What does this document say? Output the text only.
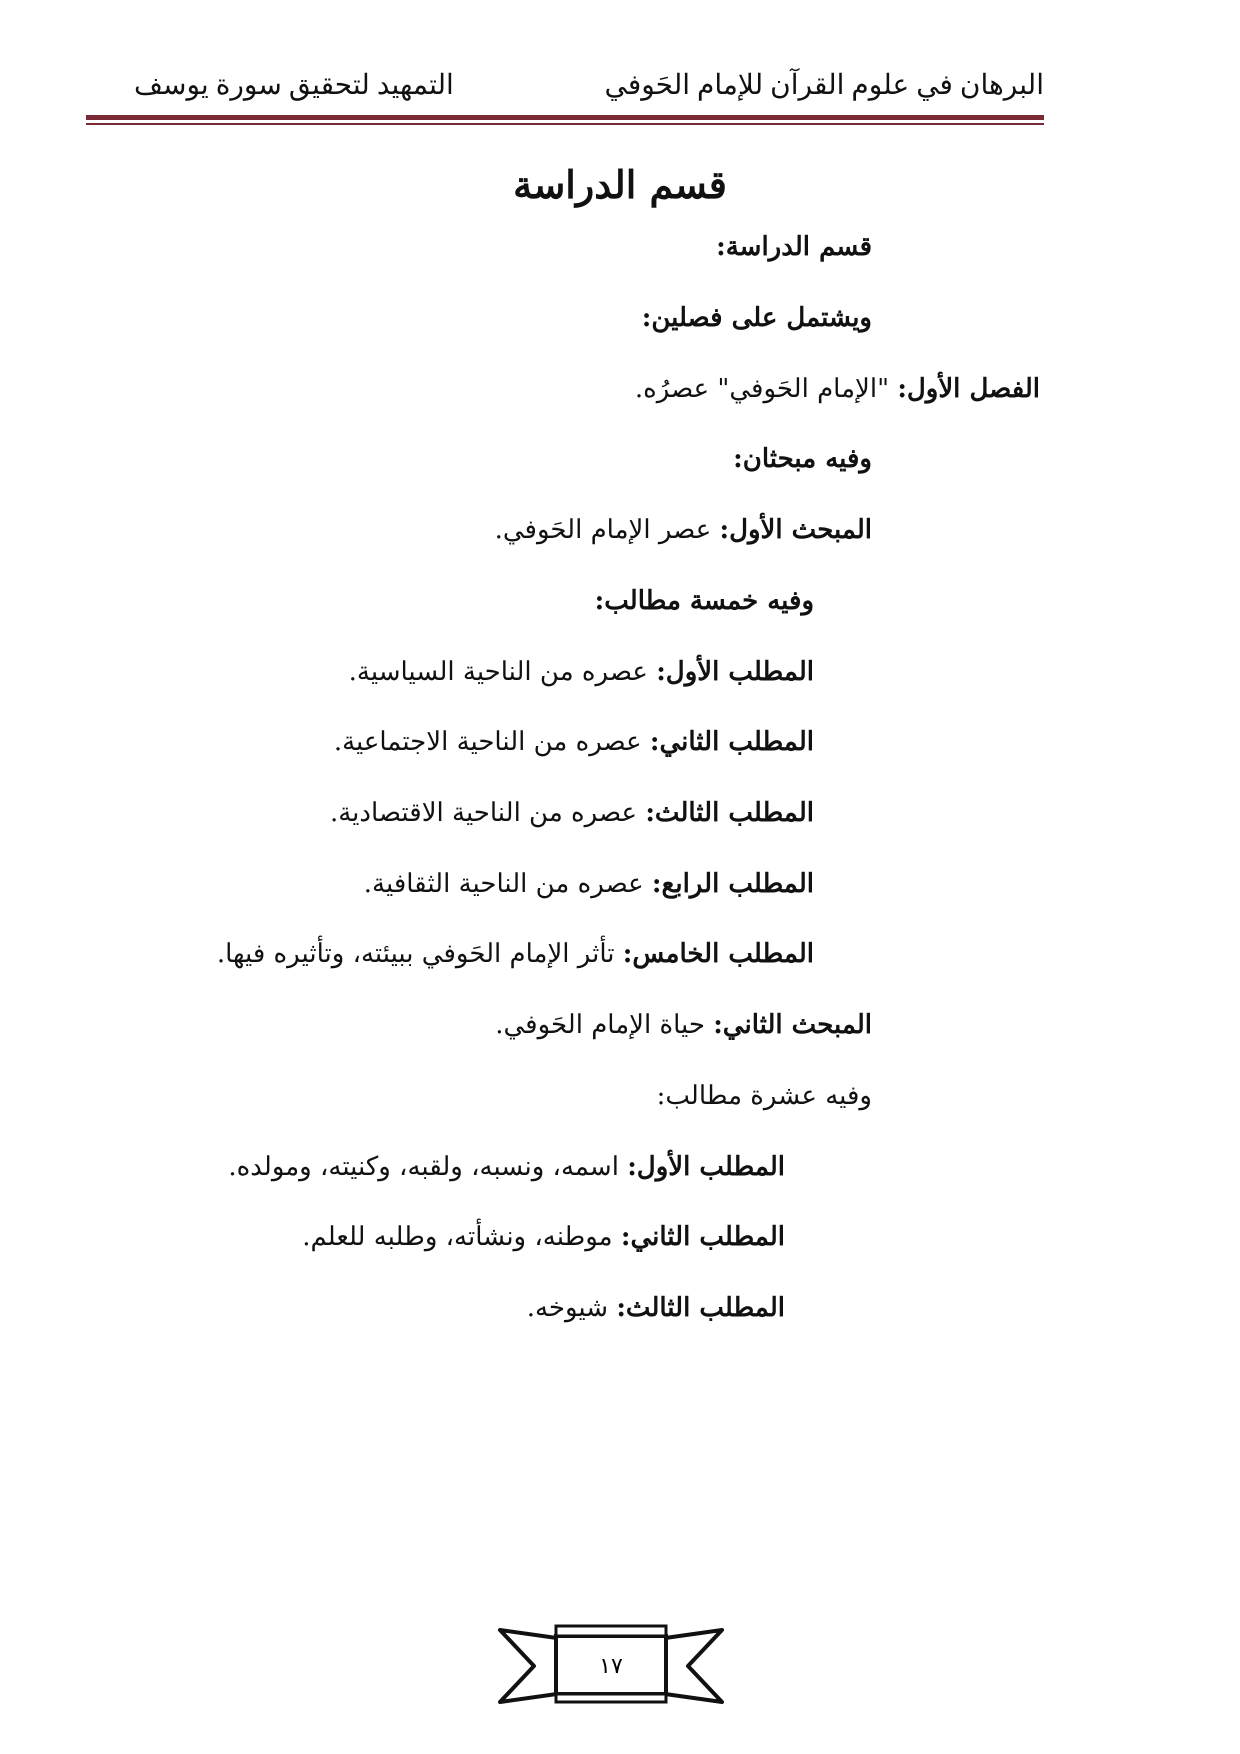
البرهان في علوم القرآن للإمام الحَوفي
التمهيد لتحقيق سورة يوسف
قسم الدراسة
قسم الدراسة:
ويشتمل على فصلين:
الفصل الأول: "الإمام الحَوفي" عصرُه.
وفيه مبحثان:
المبحث الأول: عصر الإمام الحَوفي.
وفيه خمسة مطالب:
المطلب الأول: عصره من الناحية السياسية.
المطلب الثاني: عصره من الناحية الاجتماعية.
المطلب الثالث: عصره من الناحية الاقتصادية.
المطلب الرابع: عصره من الناحية الثقافية.
المطلب الخامس: تأثر الإمام الحَوفي ببيئته، وتأثيره فيها.
المبحث الثاني: حياة الإمام الحَوفي.
وفيه عشرة مطالب:
المطلب الأول: اسمه، ونسبه، ولقبه، وكنيته، ومولده.
المطلب الثاني: موطنه، ونشأته، وطلبه للعلم.
المطلب الثالث: شيوخه.
١٧
